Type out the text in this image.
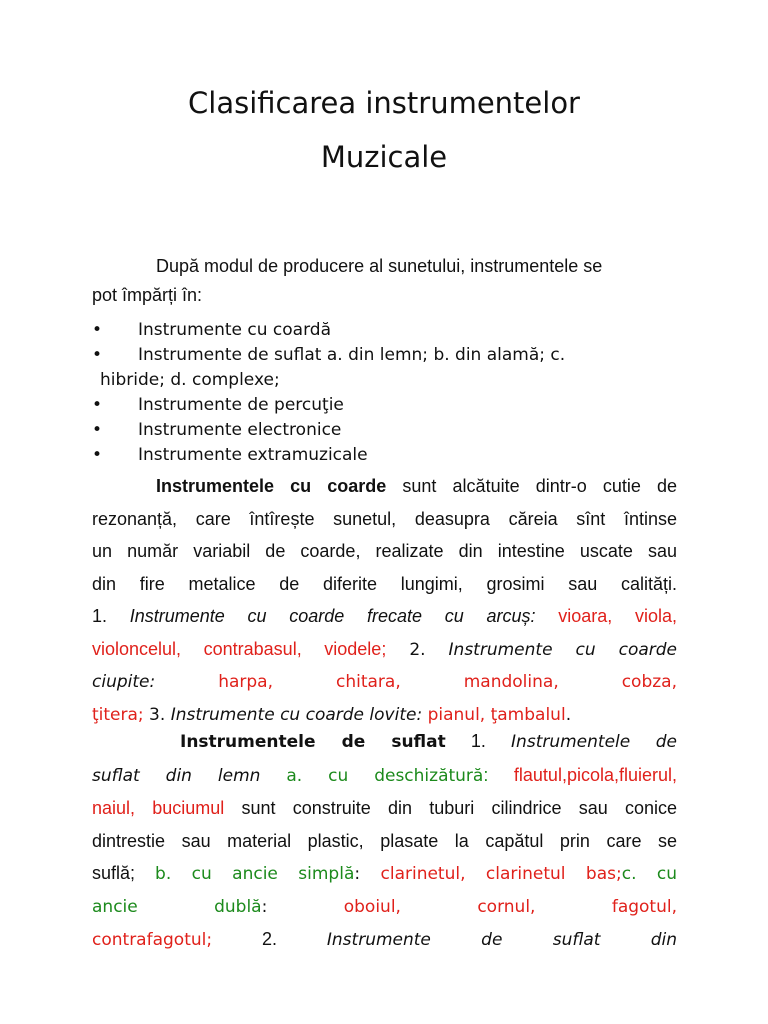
Clasificarea instrumentelor
Muzicale

După modul de producere al sunetului, instrumentele se
pot împărți în:

•	Instrumente cu coardă
•	Instrumente de suflat a. din lemn; b. din alamă; c.
hibride; d. complexe;
•	Instrumente de percuţie
•	Instrumente electronice
•	Instrumente extramuzicale
Instrumentele cu coarde sunt alcătuite dintr-o cutie de
rezonanță, care întîrește sunetul, deasupra căreia sînt întinse
un număr variabil de coarde, realizate din intestine uscate sau
din fire metalice de diferite lungimi, grosimi sau calități.
1. Instrumente cu coarde frecate cu arcuș: vioara, viola,
violoncelul, contrabasul, viodele; 2. Instrumente cu coarde
ciupite: harpa, chitara, mandolina, cobza,
ţitera; 3. Instrumente cu coarde lovite: pianul, ţambalul.
Instrumentele de suflat 1. Instrumentele de
suflat din lemn a. cu deschizătură: flautul,picola,fluierul,
naiul, buciumul sunt construite din tuburi cilindrice sau conice
dintrestie sau material plastic, plasate la capătul prin care se
suflă; b. cu ancie simplă: clarinetul, clarinetul bas;c. cu
ancie dublă: oboiul, cornul, fagotul,
contrafagotul; 2. Instrumente de suflat din
